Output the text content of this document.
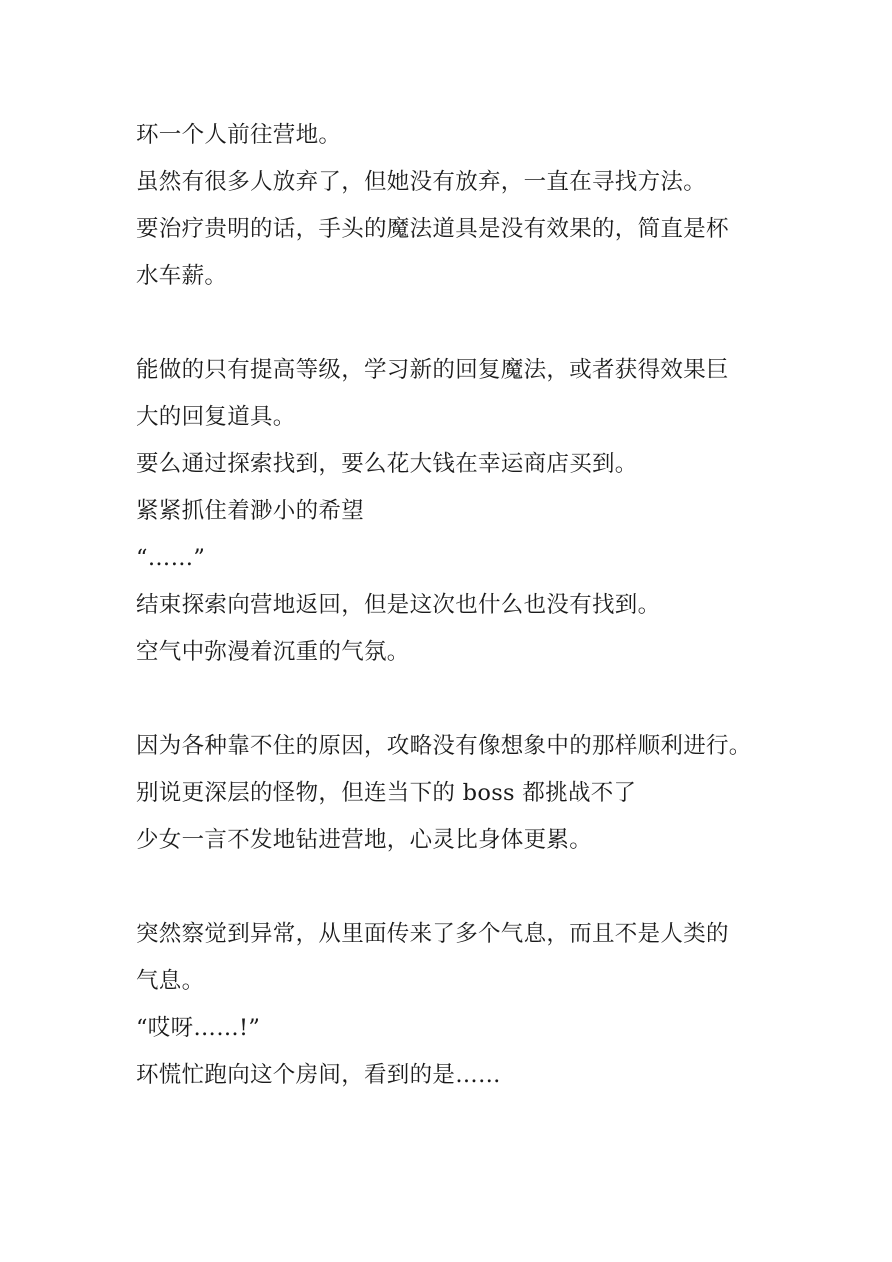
环一个人前往营地。
虽然有很多人放弃了，但她没有放弃，一直在寻找方法。
要治疗贵明的话，手头的魔法道具是没有效果的，简直是杯
水车薪。
能做的只有提高等级，学习新的回复魔法，或者获得效果巨
大的回复道具。
要么通过探索找到，要么花大钱在幸运商店买到。
紧紧抓住着渺小的希望
“……”
结束探索向营地返回，但是这次也什么也没有找到。
空气中弥漫着沉重的气氛。
因为各种靠不住的原因，攻略没有像想象中的那样顺利进行。
别说更深层的怪物，但连当下的 boss 都挑战不了
少女一言不发地钻进营地，心灵比身体更累。
突然察觉到异常，从里面传来了多个气息，而且不是人类的
气息。
“哎呀……!”
环慌忙跑向这个房间，看到的是……
